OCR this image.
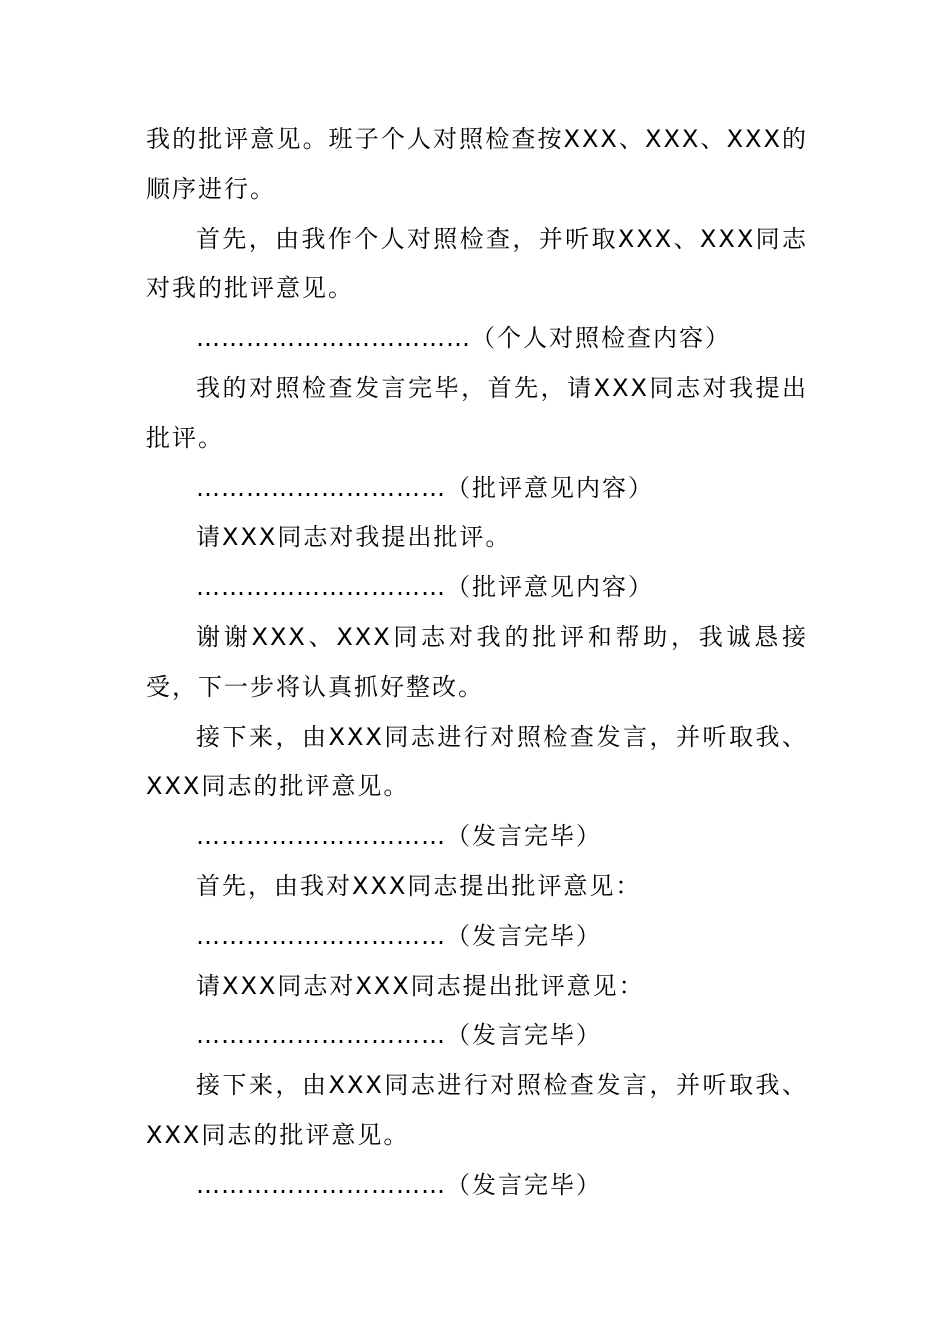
我的批评意见。班子个人对照检查按XXX、XXX、XXX的顺序进行。

首先，由我作个人对照检查，并听取XXX、XXX同志对我的批评意见。

……………………………（个人对照检查内容）

我的对照检查发言完毕，首先，请XXX同志对我提出批评。

…………………………（批评意见内容）

请XXX同志对我提出批评。

…………………………（批评意见内容）

谢谢XXX、XXX同志对我的批评和帮助，我诚恳接受，下一步将认真抓好整改。

接下来，由XXX同志进行对照检查发言，并听取我、XXX同志的批评意见。

…………………………（发言完毕）

首先，由我对XXX同志提出批评意见：

…………………………（发言完毕）

请XXX同志对XXX同志提出批评意见：

…………………………（发言完毕）

接下来，由XXX同志进行对照检查发言，并听取我、XXX同志的批评意见。

…………………………（发言完毕）
